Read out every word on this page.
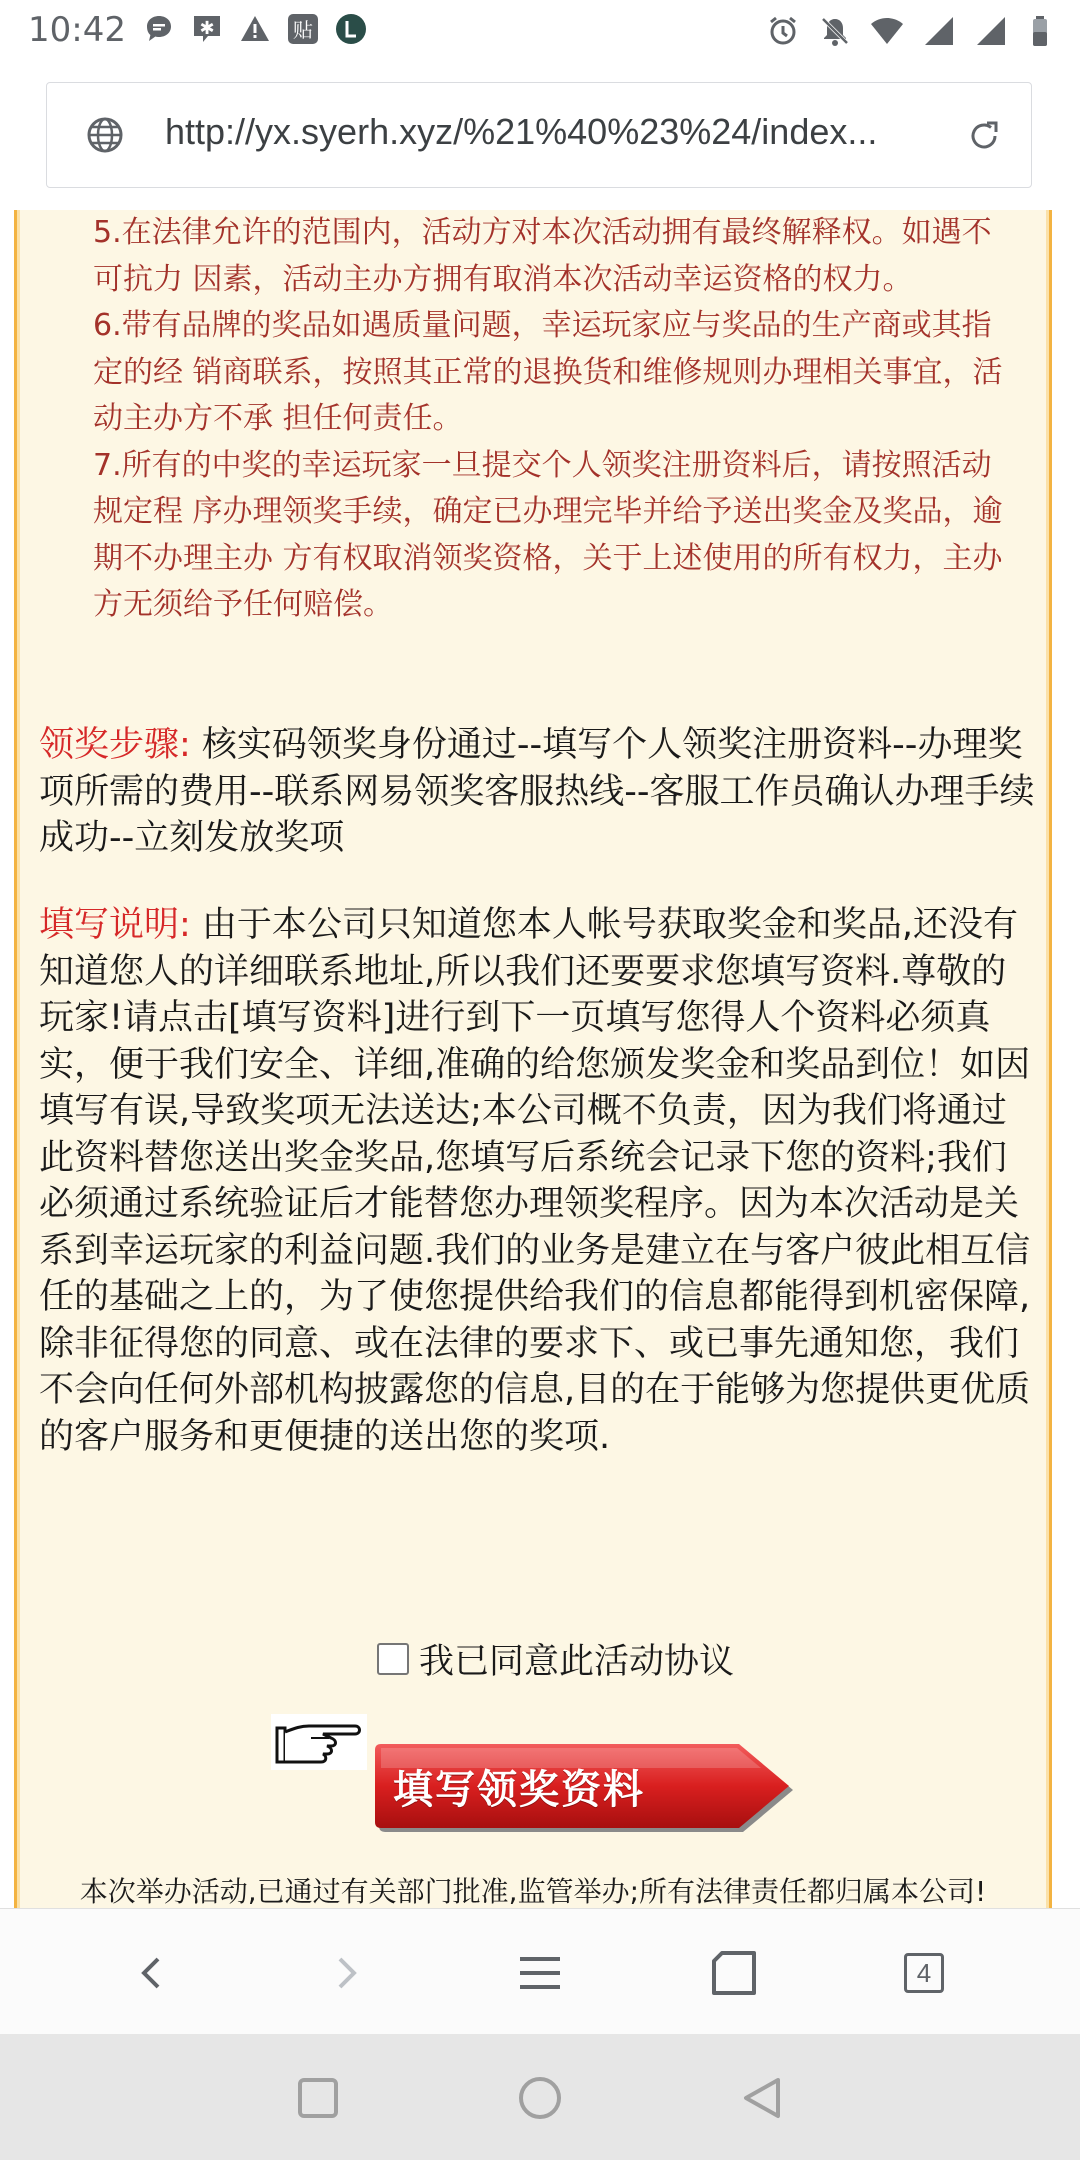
10:42	✱	贴
http://yx.syerh.xyz/%21%40%23%24/index...

5.在法律允许的范围内，活动方对本次活动拥有最终解释权。如遇不可抗力 因素，活动主办方拥有取消本次活动幸运资格的权力。

6.带有品牌的奖品如遇质量问题，幸运玩家应与奖品的生产商或其指定的经 销商联系，按照其正常的退换货和维修规则办理相关事宜，活动主办方不承 担任何责任。

7.所有的中奖的幸运玩家一旦提交个人领奖注册资料后，请按照活动规定程 序办理领奖手续，确定已办理完毕并给予送出奖金及奖品，逾期不办理主办 方有权取消领奖资格，关于上述使用的所有权力，主办方无须给予任何赔偿。

领奖步骤: 核实码领奖身份通过--填写个人领奖注册资料--办理奖项所需的费用--联系网易领奖客服热线--客服工作员确认办理手续成功--立刻发放奖项
填写说明: 由于本公司只知道您本人帐号获取奖金和奖品,还没有知道您人的详细联系地址,所以我们还要要求您填写资料.尊敬的玩家!请点击[填写资料]进行到下一页填写您得人个资料必须真实，便于我们安全、详细,准确的给您颁发奖金和奖品到位！如因填写有误,导致奖项无法送达;本公司概不负责，因为我们将通过此资料替您送出奖金奖品,您填写后系统会记录下您的资料;我们必须通过系统验证后才能替您办理领奖程序。因为本次活动是关系到幸运玩家的利益问题.我们的业务是建立在与客户彼此相互信任的基础之上的，为了使您提供给我们的信息都能得到机密保障,除非征得您的同意、或在法律的要求下、或已事先通知您，我们不会向任何外部机构披露您的信息,目的在于能够为您提供更优质的客户服务和更便捷的送出您的奖项.
我已同意此活动协议
填写领奖资料
本次举办活动,已通过有关部门批准,监管举办;所有法律责任都归属本公司!
4
